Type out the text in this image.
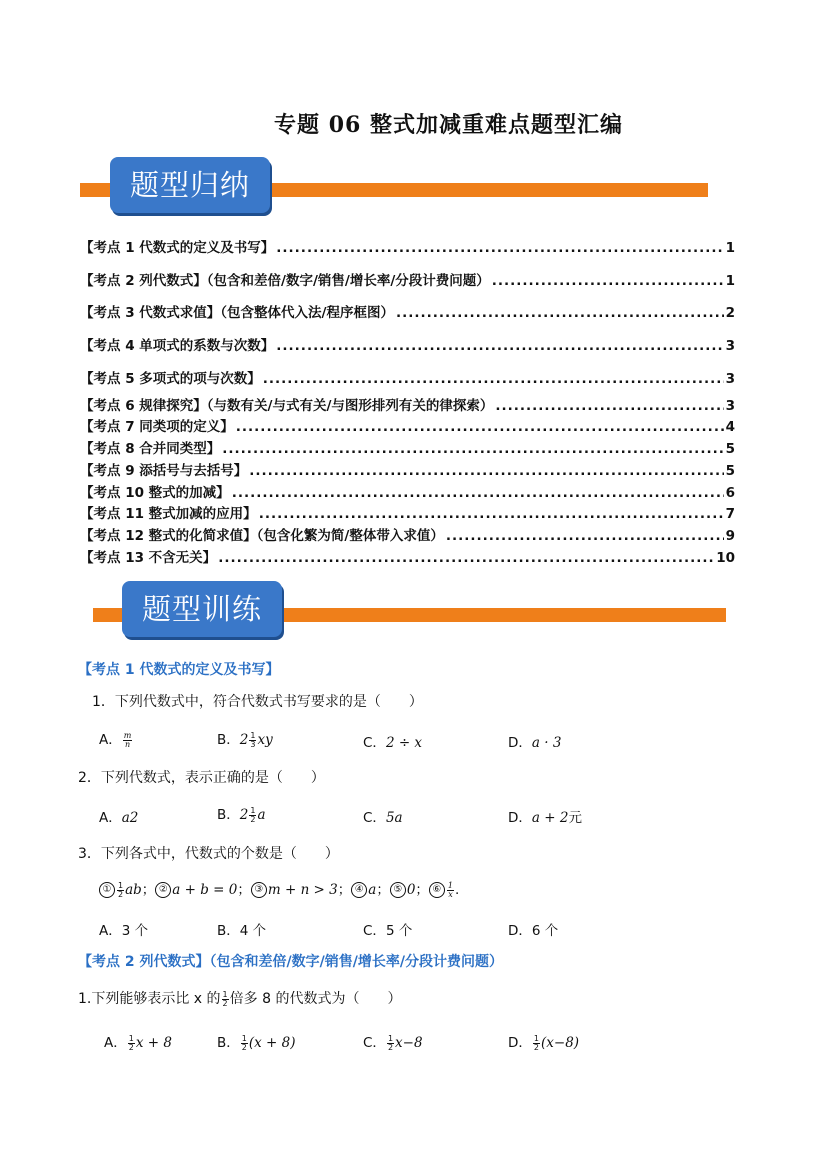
专题 06 整式加减重难点题型汇编
题型归纳
【考点 1 代数式的定义及书写】 .....	1
【考点 2 列代数式】（包含和差倍/数字/销售/增长率/分段计费问题） .....	1
【考点 3 代数式求值】（包含整体代入法/程序框图） .....	2
【考点 4 单项式的系数与次数】 .....	3
【考点 5 多项式的项与次数】 .....	3
【考点 6 规律探究】（与数有关/与式有关/与图形排列有关的律探索） .....	3
【考点 7 同类项的定义】 .....	4
【考点 8 合并同类型】 .....	5
【考点 9 添括号与去括号】 .....	5
【考点 10 整式的加减】 .....	6
【考点 11 整式加减的应用】 .....	7
【考点 12 整式的化简求值】（包含化繁为简/整体带入求值） .....	9
【考点 13 不含无关】 .....	10
题型训练
【考点 1 代数式的定义及书写】
1．下列代数式中，符合代数式书写要求的是（　　）
A． $\frac{m}{n}$	B．$2 \frac{1}{3}$ xy	C．2 ÷ x	D．a · 3
2．下列代数式，表示正确的是（　　）
A．a2	B．$2 \frac{1}{2}$ a	C．5a	D．a + 2元
3．下列各式中，代数式的个数是（　　）
① $\frac{1}{2}$ ab； ② a + b = 0； ③ m + n > 3； ④ a； ⑤ 0； ⑥ $\frac{1}{x}$ .
A．3 个	B．4 个	C．5 个	D．6 个
【考点 2 列代数式】（包含和差倍/数字/销售/增长率/分段计费问题）
1.下列能够表示比 x 的 $\frac{1}{2}$ 倍多 8 的代数式为（　　）
A． $\frac{1}{2}$ x + 8	B． $\frac{1}{2} (x + 8)$	C． $\frac{1}{2} x-8$	D． $\frac{1}{2} (x-8)$
